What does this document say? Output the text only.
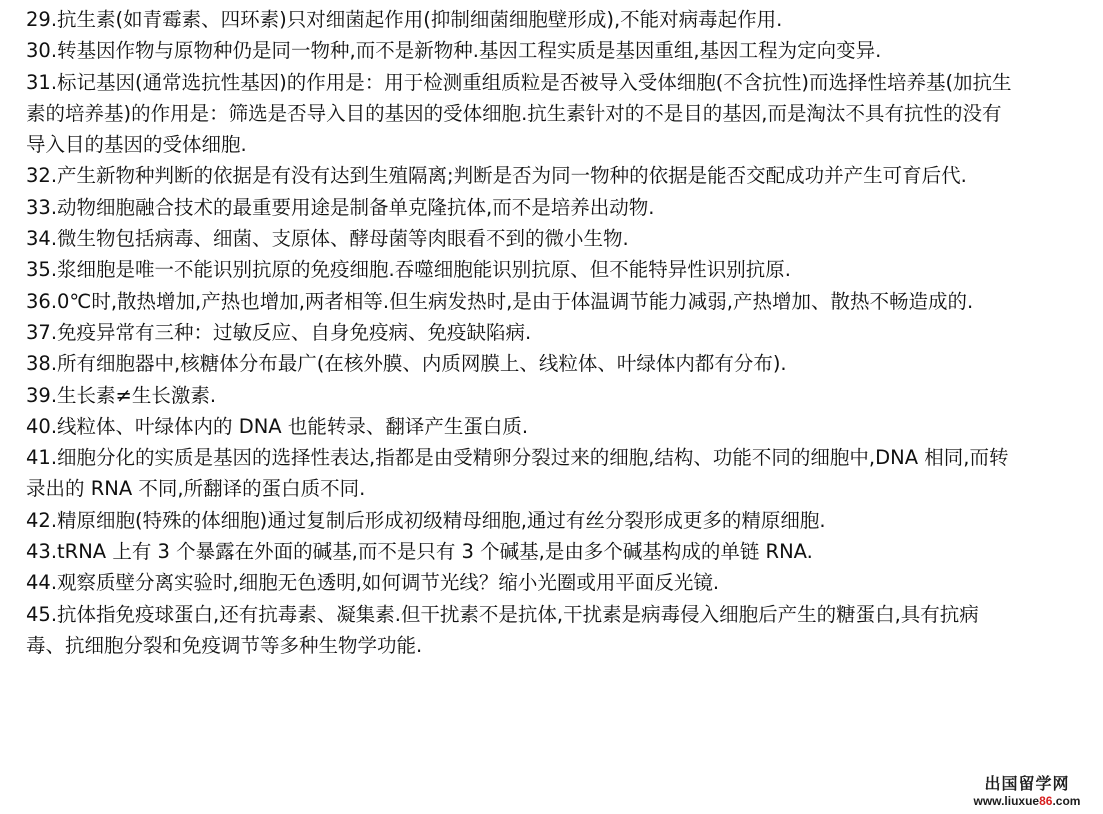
29.抗生素(如青霉素、四环素)只对细菌起作用(抑制细菌细胞壁形成),不能对病毒起作用.

30.转基因作物与原物种仍是同一物种,而不是新物种.基因工程实质是基因重组,基因工程为定向变异.

31.标记基因(通常选抗性基因)的作用是：用于检测重组质粒是否被导入受体细胞(不含抗性)而选择性培养基(加抗生素的培养基)的作用是：筛选是否导入目的基因的受体细胞.抗生素针对的不是目的基因,而是淘汰不具有抗性的没有导入目的基因的受体细胞.

32.产生新物种判断的依据是有没有达到生殖隔离;判断是否为同一物种的依据是能否交配成功并产生可育后代.

33.动物细胞融合技术的最重要用途是制备单克隆抗体,而不是培养出动物.

34.微生物包括病毒、细菌、支原体、酵母菌等肉眼看不到的微小生物.

35.浆细胞是唯一不能识别抗原的免疫细胞.吞噬细胞能识别抗原、但不能特异性识别抗原.

36.0℃时,散热增加,产热也增加,两者相等.但生病发热时,是由于体温调节能力减弱,产热增加、散热不畅造成的.

37.免疫异常有三种：过敏反应、自身免疫病、免疫缺陷病.

38.所有细胞器中,核糖体分布最广(在核外膜、内质网膜上、线粒体、叶绿体内都有分布).

39.生长素≠生长激素.

40.线粒体、叶绿体内的 DNA 也能转录、翻译产生蛋白质.

41.细胞分化的实质是基因的选择性表达,指都是由受精卵分裂过来的细胞,结构、功能不同的细胞中,DNA 相同,而转录出的 RNA 不同,所翻译的蛋白质不同.

42.精原细胞(特殊的体细胞)通过复制后形成初级精母细胞,通过有丝分裂形成更多的精原细胞.

43.tRNA 上有 3 个暴露在外面的碱基,而不是只有 3 个碱基,是由多个碱基构成的单链 RNA.

44.观察质壁分离实验时,细胞无色透明,如何调节光线？缩小光圈或用平面反光镜.

45.抗体指免疫球蛋白,还有抗毒素、凝集素.但干扰素不是抗体,干扰素是病毒侵入细胞后产生的糖蛋白,具有抗病毒、抗细胞分裂和免疫调节等多种生物学功能.

出国留学网
www.liuxue86.com
